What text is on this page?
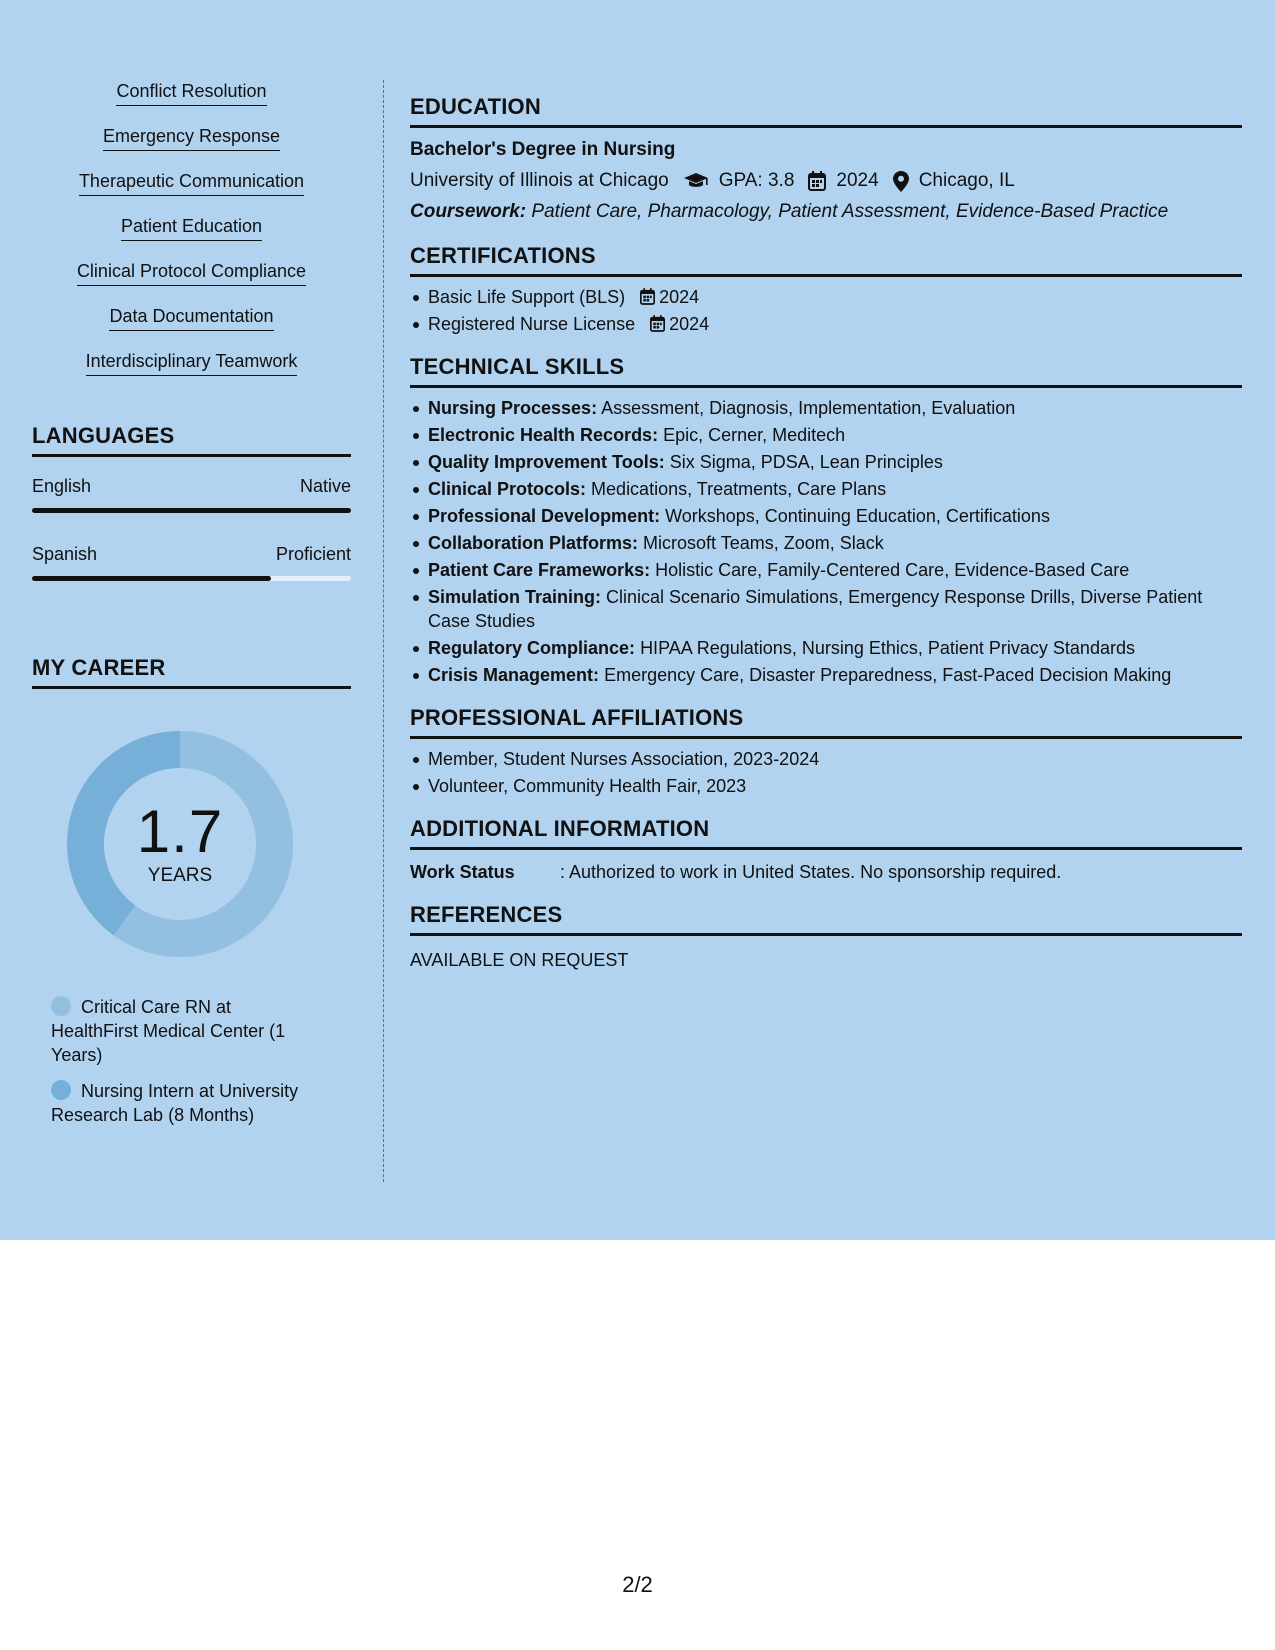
Conflict Resolution
Emergency Response
Therapeutic Communication
Patient Education
Clinical Protocol Compliance
Data Documentation
Interdisciplinary Teamwork
LANGUAGES
English	Native
Spanish	Proficient
MY CAREER
1.7
YEARS
Critical Care RN at HealthFirst Medical Center (1 Years)
Nursing Intern at University Research Lab (8 Months)
EDUCATION
Bachelor's Degree in Nursing
University of Illinois at Chicago	GPA: 3.8 2024 Chicago, IL
Coursework: Patient Care, Pharmacology, Patient Assessment, Evidence-Based Practice
CERTIFICATIONS
Basic Life Support (BLS) 2024
Registered Nurse License 2024
TECHNICAL SKILLS
Nursing Processes: Assessment, Diagnosis, Implementation, Evaluation
Electronic Health Records: Epic, Cerner, Meditech
Quality Improvement Tools: Six Sigma, PDSA, Lean Principles
Clinical Protocols: Medications, Treatments, Care Plans
Professional Development: Workshops, Continuing Education, Certifications
Collaboration Platforms: Microsoft Teams, Zoom, Slack
Patient Care Frameworks: Holistic Care, Family-Centered Care, Evidence-Based Care
Simulation Training: Clinical Scenario Simulations, Emergency Response Drills, Diverse Patient Case Studies
Regulatory Compliance: HIPAA Regulations, Nursing Ethics, Patient Privacy Standards
Crisis Management: Emergency Care, Disaster Preparedness, Fast-Paced Decision Making
PROFESSIONAL AFFILIATIONS
Member, Student Nurses Association, 2023-2024
Volunteer, Community Health Fair, 2023
ADDITIONAL INFORMATION
Work Status	: Authorized to work in United States. No sponsorship required.
REFERENCES
AVAILABLE ON REQUEST
2/2
